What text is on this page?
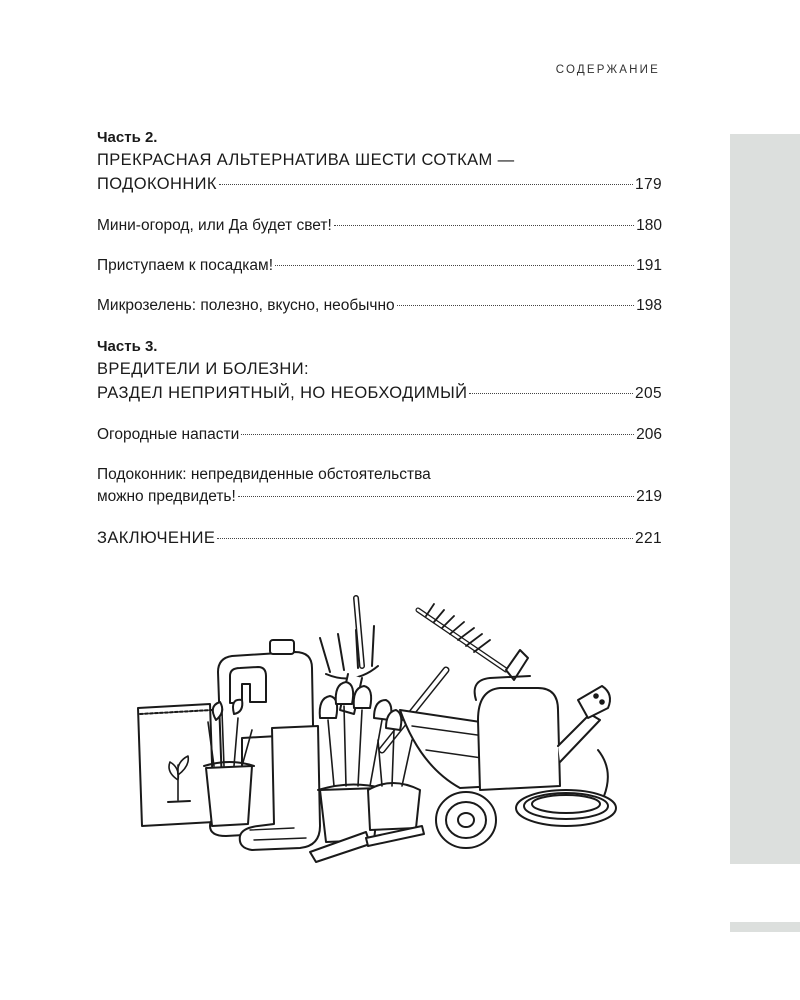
СОДЕРЖАНИЕ

Часть 2.

ПРЕКРАСНАЯ АЛЬТЕРНАТИВА ШЕСТИ СОТКАМ —

ПОДОКОННИК	179
Мини-огород, или Да будет свет!	180
Приступаем к посадкам!	191
Микрозелень: полезно, вкусно, необычно	198

Часть 3.

ВРЕДИТЕЛИ И БОЛЕЗНИ:

РАЗДЕЛ НЕПРИЯТНЫЙ, НО НЕОБХОДИМЫЙ	205
Огородные напасти	206

Подоконник: непредвиденные обстоятельства

можно предвидеть!	219
ЗАКЛЮЧЕНИЕ	221
